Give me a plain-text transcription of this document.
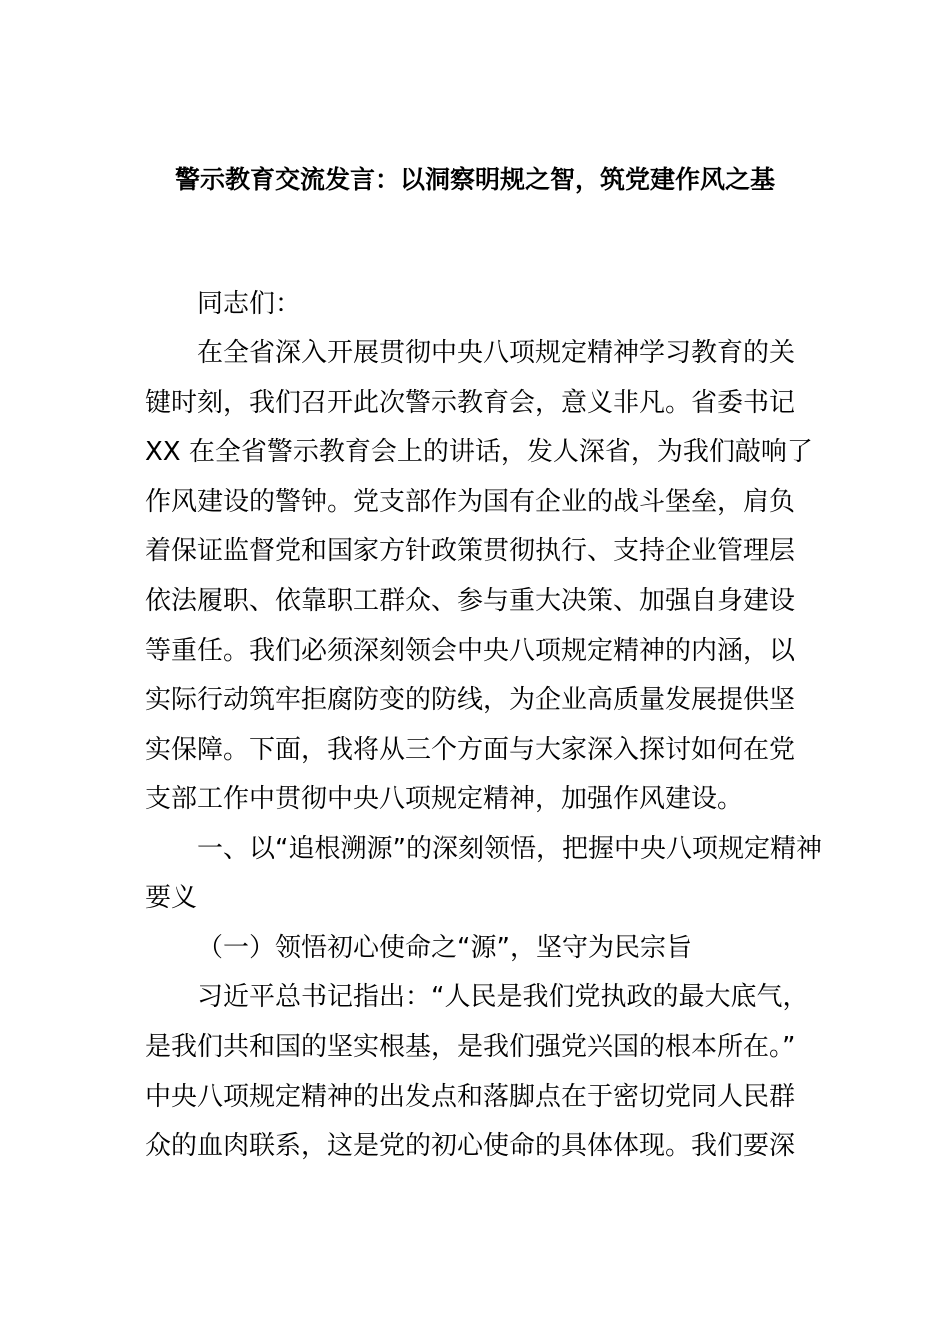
警示教育交流发言：以洞察明规之智，筑党建作风之基
同志们：
在全省深入开展贯彻中央八项规定精神学习教育的关
键时刻，我们召开此次警示教育会，意义非凡。省委书记
XX 在全省警示教育会上的讲话，发人深省，为我们敲响了
作风建设的警钟。党支部作为国有企业的战斗堡垒，肩负
着保证监督党和国家方针政策贯彻执行、支持企业管理层
依法履职、依靠职工群众、参与重大决策、加强自身建设
等重任。我们必须深刻领会中央八项规定精神的内涵，以
实际行动筑牢拒腐防变的防线，为企业高质量发展提供坚
实保障。下面，我将从三个方面与大家深入探讨如何在党
支部工作中贯彻中央八项规定精神，加强作风建设。
一、以“追根溯源”的深刻领悟，把握中央八项规定精神
要义
（一）领悟初心使命之“源”，坚守为民宗旨
习近平总书记指出：“人民是我们党执政的最大底气，
是我们共和国的坚实根基，是我们强党兴国的根本所在。”
中央八项规定精神的出发点和落脚点在于密切党同人民群
众的血肉联系，这是党的初心使命的具体体现。我们要深
